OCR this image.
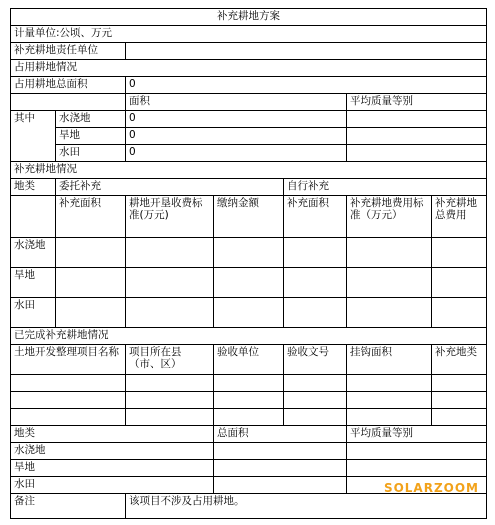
补充耕地方案						
计量单位:公顷、万元						
补充耕地责任单位						
占用耕地情况						
占用耕地总面积		0				
		面积			平均质量等别	
其中	水浇地	0				
	旱地	0				
	水田	0				
补充耕地情况						
地类	委托补充			自行补充		
	补充面积	耕地开垦收费标准(万元)	缴纳金额	补充面积	补充耕地费用标准（万元）	补充耕地总费用
水浇地						
旱地						
水田						
已完成补充耕地情况						
土地开发整理项目名称		项目所在县（市、区）	验收单位	验收文号	挂钩面积	补充地类

地类			总面积		平均质量等别	
水浇地						
旱地						
水田						
备注		该项目不涉及占用耕地。				
SOLARZOOM
